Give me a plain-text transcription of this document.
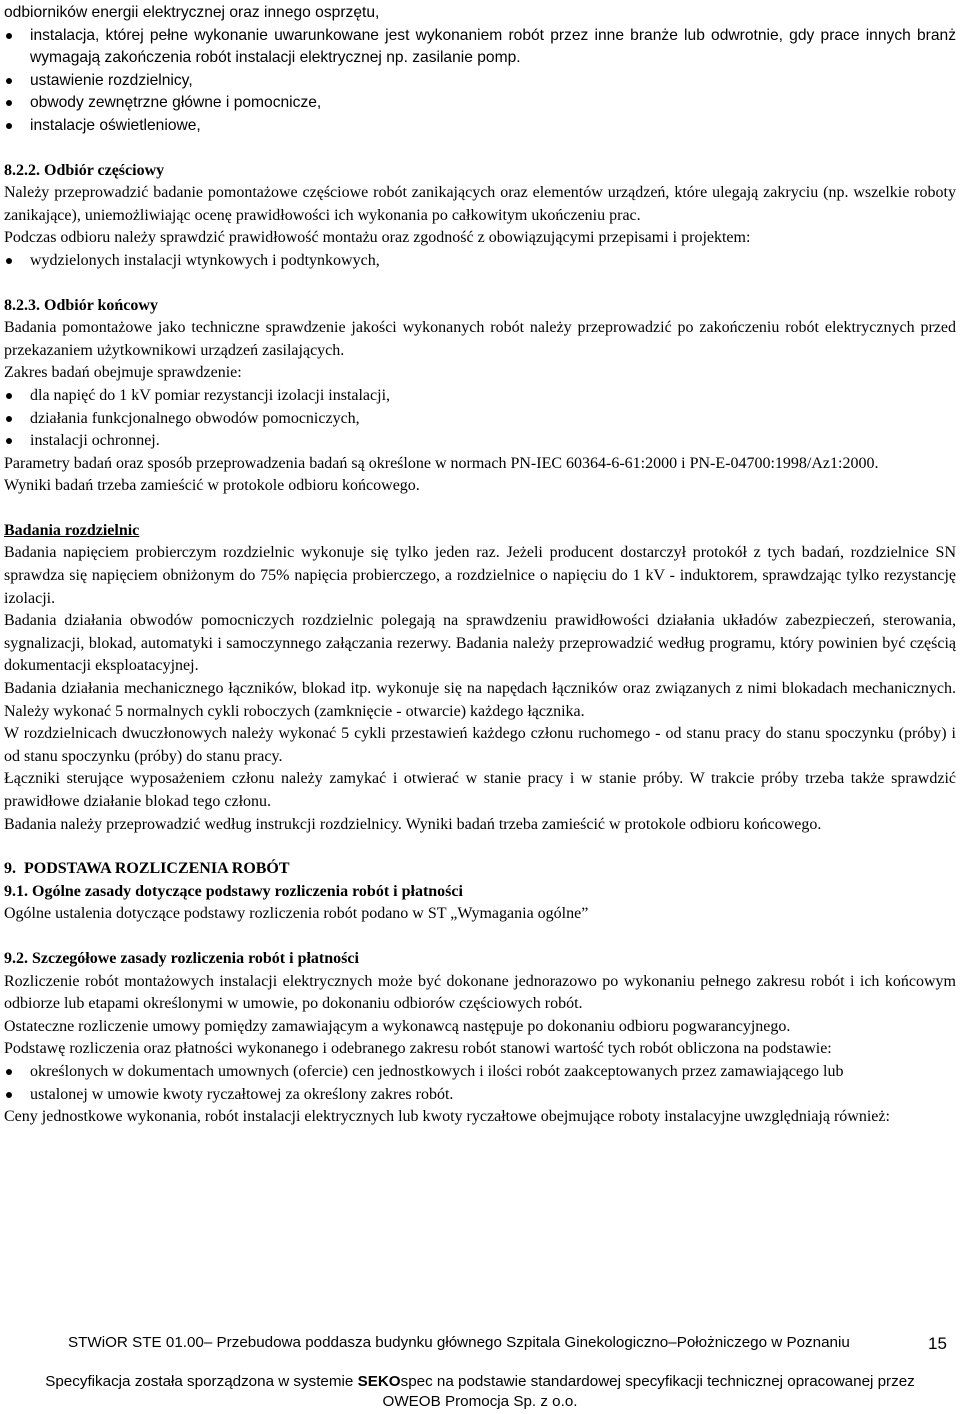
odbiorników energii elektrycznej oraz innego osprzętu,

instalacja, której pełne wykonanie uwarunkowane jest wykonaniem robót przez inne branże lub odwrotnie, gdy prace innych branż wymagają zakończenia robót instalacji elektrycznej np. zasilanie pomp.
ustawienie rozdzielnicy,
obwody zewnętrzne główne i pomocnicze,
instalacje oświetleniowe,

8.2.2. Odbiór częściowy

Należy przeprowadzić badanie pomontażowe częściowe robót zanikających oraz elementów urządzeń, które ulegają zakryciu (np. wszelkie roboty zanikające), uniemożliwiając ocenę prawidłowości ich wykonania po całkowitym ukończeniu prac.

Podczas odbioru należy sprawdzić prawidłowość montażu oraz zgodność z obowiązującymi przepisami i projektem:

wydzielonych instalacji wtynkowych i podtynkowych,

8.2.3. Odbiór końcowy

Badania pomontażowe jako techniczne sprawdzenie jakości wykonanych robót należy przeprowadzić po zakończeniu robót elektrycznych przed przekazaniem użytkownikowi urządzeń zasilających.

Zakres badań obejmuje sprawdzenie:

dla napięć do 1 kV pomiar rezystancji izolacji instalacji,
działania funkcjonalnego obwodów pomocniczych,
instalacji ochronnej.

Parametry badań oraz sposób przeprowadzenia badań są określone w normach PN-IEC 60364-6-61:2000 i PN-E-04700:1998/Az1:2000.

Wyniki badań trzeba zamieścić w protokole odbioru końcowego.

Badania rozdzielnic

Badania napięciem probierczym rozdzielnic wykonuje się tylko jeden raz. Jeżeli producent dostarczył protokół z tych badań, rozdzielnice SN sprawdza się napięciem obniżonym do 75% napięcia probierczego, a rozdzielnice o napięciu do 1 kV - induktorem, sprawdzając tylko rezystancję izolacji.

Badania działania obwodów pomocniczych rozdzielnic polegają na sprawdzeniu prawidłowości działania układów zabezpieczeń, sterowania, sygnalizacji, blokad, automatyki i samoczynnego załączania rezerwy. Badania należy przeprowadzić według programu, który powinien być częścią dokumentacji eksploatacyjnej.

Badania działania mechanicznego łączników, blokad itp. wykonuje się na napędach łączników oraz związanych z nimi blokadach mechanicznych. Należy wykonać 5 normalnych cykli roboczych (zamknięcie - otwarcie) każdego łącznika.

W rozdzielnicach dwuczłonowych należy wykonać 5 cykli przestawień każdego członu ruchomego - od stanu pracy do stanu spoczynku (próby) i od stanu spoczynku (próby) do stanu pracy.

Łączniki sterujące wyposażeniem członu należy zamykać i otwierać w stanie pracy i w stanie próby. W trakcie próby trzeba także sprawdzić prawidłowe działanie blokad tego członu.

Badania należy przeprowadzić według instrukcji rozdzielnicy. Wyniki badań trzeba zamieścić w protokole odbioru końcowego.

9.  PODSTAWA ROZLICZENIA ROBÓT

9.1. Ogólne zasady dotyczące podstawy rozliczenia robót i płatności

Ogólne ustalenia dotyczące podstawy rozliczenia robót podano w ST „Wymagania ogólne”

9.2. Szczegółowe zasady rozliczenia robót i płatności

Rozliczenie robót montażowych instalacji elektrycznych może być dokonane jednorazowo po wykonaniu pełnego zakresu robót i ich końcowym odbiorze lub etapami określonymi w umowie, po dokonaniu odbiorów częściowych robót.

Ostateczne rozliczenie umowy pomiędzy zamawiającym a wykonawcą następuje po dokonaniu odbioru pogwarancyjnego.

Podstawę rozliczenia oraz płatności wykonanego i odebranego zakresu robót stanowi wartość tych robót obliczona na podstawie:

określonych w dokumentach umownych (ofercie) cen jednostkowych i ilości robót zaakceptowanych przez zamawiającego lub
ustalonej w umowie kwoty ryczałtowej za określony zakres robót.

Ceny jednostkowe wykonania, robót instalacji elektrycznych lub kwoty ryczałtowe obejmujące roboty instalacyjne uwzględniają również:

STWiOR STE 01.00– Przebudowa poddasza budynku głównego Szpitala Ginekologiczno–Położniczego w Poznaniu	15
Specyfikacja została sporządzona w systemie SEKOspec na podstawie standardowej specyfikacji technicznej opracowanej przez
OWEOB Promocja Sp. z o.o.
